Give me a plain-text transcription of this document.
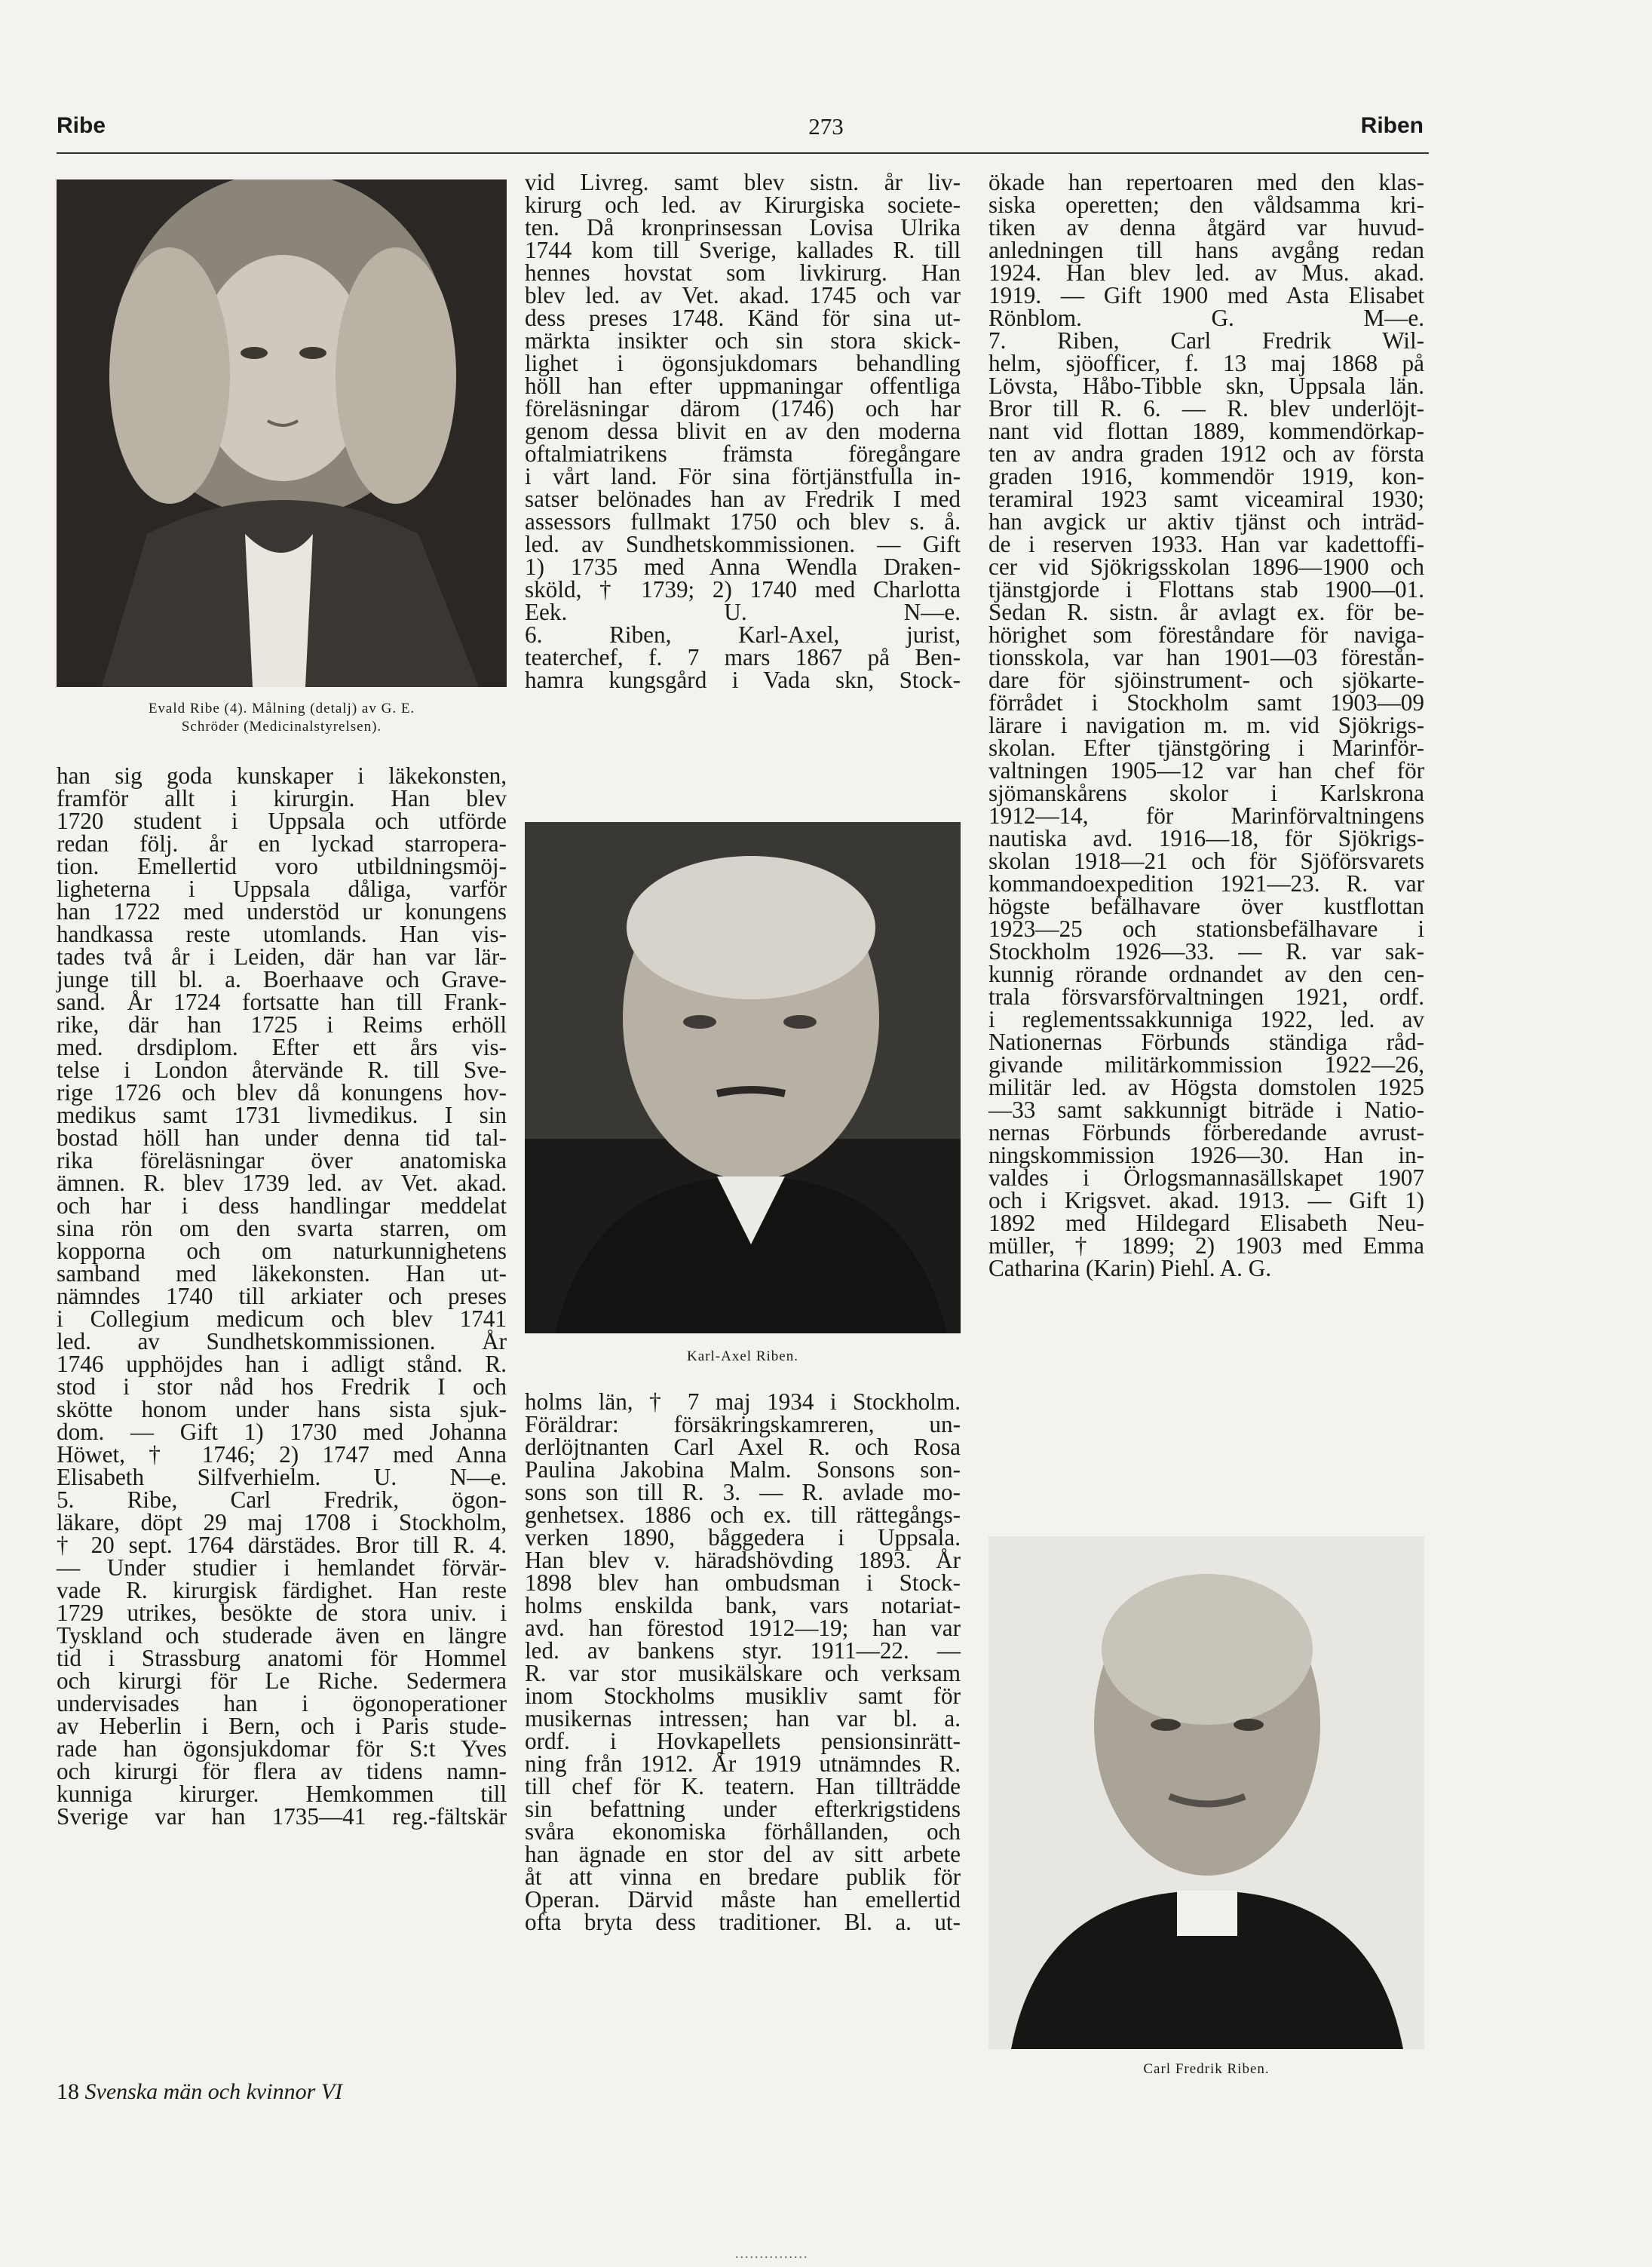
Ribe	273	Riben
Evald Ribe (4). Målning (detalj) av G. E.
Schröder (Medicinalstyrelsen).
Karl-Axel Riben.
Carl Fredrik Riben.

han sig goda kunskaper i läkekonsten,

framför allt i kirurgin. Han blev

1720 student i Uppsala och utförde

redan följ. år en lyckad starropera-

tion. Emellertid voro utbildningsmöj-

ligheterna i Uppsala dåliga, varför

han 1722 med understöd ur konungens

handkassa reste utomlands. Han vis-

tades två år i Leiden, där han var lär-

junge till bl. a. Boerhaave och Grave-

sand. År 1724 fortsatte han till Frank-

rike, där han 1725 i Reims erhöll

med. drsdiplom. Efter ett års vis-

telse i London återvände R. till Sve-

rige 1726 och blev då konungens hov-

medikus samt 1731 livmedikus. I sin

bostad höll han under denna tid tal-

rika föreläsningar över anatomiska

ämnen. R. blev 1739 led. av Vet. akad.

och har i dess handlingar meddelat

sina rön om den svarta starren, om

kopporna och om naturkunnighetens

samband med läkekonsten. Han ut-

nämndes 1740 till arkiater och preses

i Collegium medicum och blev 1741

led. av Sundhetskommissionen. År

1746 upphöjdes han i adligt stånd. R.

stod i stor nåd hos Fredrik I och

skötte honom under hans sista sjuk-

dom. — Gift 1) 1730 med Johanna

Höwet, † 1746; 2) 1747 med Anna

Elisabeth Silfverhielm. U. N—e.

5. Ribe, Carl Fredrik, ögon-

läkare, döpt 29 maj 1708 i Stockholm,

† 20 sept. 1764 därstädes. Bror till R. 4.

— Under studier i hemlandet förvär-

vade R. kirurgisk färdighet. Han reste

1729 utrikes, besökte de stora univ. i

Tyskland och studerade även en längre

tid i Strassburg anatomi för Hommel

och kirurgi för Le Riche. Sedermera

undervisades han i ögonoperationer

av Heberlin i Bern, och i Paris stude-

rade han ögonsjukdomar för S:t Yves

och kirurgi för flera av tidens namn-

kunniga kirurger. Hemkommen till

Sverige var han 1735—41 reg.-fältskär

vid Livreg. samt blev sistn. år liv-

kirurg och led. av Kirurgiska societe-

ten. Då kronprinsessan Lovisa Ulrika

1744 kom till Sverige, kallades R. till

hennes hovstat som livkirurg. Han

blev led. av Vet. akad. 1745 och var

dess preses 1748. Känd för sina ut-

märkta insikter och sin stora skick-

lighet i ögonsjukdomars behandling

höll han efter uppmaningar offentliga

föreläsningar därom (1746) och har

genom dessa blivit en av den moderna

oftalmiatrikens främsta föregångare

i vårt land. För sina förtjänstfulla in-

satser belönades han av Fredrik I med

assessors fullmakt 1750 och blev s. å.

led. av Sundhetskommissionen. — Gift

1) 1735 med Anna Wendla Draken-

sköld, † 1739; 2) 1740 med Charlotta

Eek. U. N—e.

6. Riben, Karl-Axel, jurist,

teaterchef, f. 7 mars 1867 på Ben-

hamra kungsgård i Vada skn, Stock-

holms län, † 7 maj 1934 i Stockholm.

Föräldrar: försäkringskamreren, un-

derlöjtnanten Carl Axel R. och Rosa

Paulina Jakobina Malm. Sonsons son-

sons son till R. 3. — R. avlade mo-

genhetsex. 1886 och ex. till rättegångs-

verken 1890, båggedera i Uppsala.

Han blev v. häradshövding 1893. År

1898 blev han ombudsman i Stock-

holms enskilda bank, vars notariat-

avd. han förestod 1912—19; han var

led. av bankens styr. 1911—22. —

R. var stor musikälskare och verksam

inom Stockholms musikliv samt för

musikernas intressen; han var bl. a.

ordf. i Hovkapellets pensionsinrätt-

ning från 1912. År 1919 utnämndes R.

till chef för K. teatern. Han tillträdde

sin befattning under efterkrigstidens

svåra ekonomiska förhållanden, och

han ägnade en stor del av sitt arbete

åt att vinna en bredare publik för

Operan. Därvid måste han emellertid

ofta bryta dess traditioner. Bl. a. ut-

ökade han repertoaren med den klas-

siska operetten; den våldsamma kri-

tiken av denna åtgärd var huvud-

anledningen till hans avgång redan

1924. Han blev led. av Mus. akad.

1919. — Gift 1900 med Asta Elisabet

Rönblom. G. M—e.

7. Riben, Carl Fredrik Wil-

helm, sjöofficer, f. 13 maj 1868 på

Lövsta, Håbo-Tibble skn, Uppsala län.

Bror till R. 6. — R. blev underlöjt-

nant vid flottan 1889, kommendörkap-

ten av andra graden 1912 och av första

graden 1916, kommendör 1919, kon-

teramiral 1923 samt viceamiral 1930;

han avgick ur aktiv tjänst och inträd-

de i reserven 1933. Han var kadettoffi-

cer vid Sjökrigsskolan 1896—1900 och

tjänstgjorde i Flottans stab 1900—01.

Sedan R. sistn. år avlagt ex. för be-

hörighet som föreståndare för naviga-

tionsskola, var han 1901—03 förestån-

dare för sjöinstrument- och sjökarte-

förrådet i Stockholm samt 1903—09

lärare i navigation m. m. vid Sjökrigs-

skolan. Efter tjänstgöring i Marinför-

valtningen 1905—12 var han chef för

sjömanskårens skolor i Karlskrona

1912—14, för Marinförvaltningens

nautiska avd. 1916—18, för Sjökrigs-

skolan 1918—21 och för Sjöförsvarets

kommandoexpedition 1921—23. R. var

högste befälhavare över kustflottan

1923—25 och stationsbefälhavare i

Stockholm 1926—33. — R. var sak-

kunnig rörande ordnandet av den cen-

trala försvarsförvaltningen 1921, ordf.

i reglementssakkunniga 1922, led. av

Nationernas Förbunds ständiga råd-

givande militärkommission 1922—26,

militär led. av Högsta domstolen 1925

—33 samt sakkunnigt biträde i Natio-

nernas Förbunds förberedande avrust-

ningskommission 1926—30. Han in-

valdes i Örlogsmannasällskapet 1907

och i Krigsvet. akad. 1913. — Gift 1)

1892 med Hildegard Elisabeth Neu-

müller, † 1899; 2) 1903 med Emma

Catharina (Karin) Piehl. A. G.

18 Svenska män och kvinnor VI
...............
